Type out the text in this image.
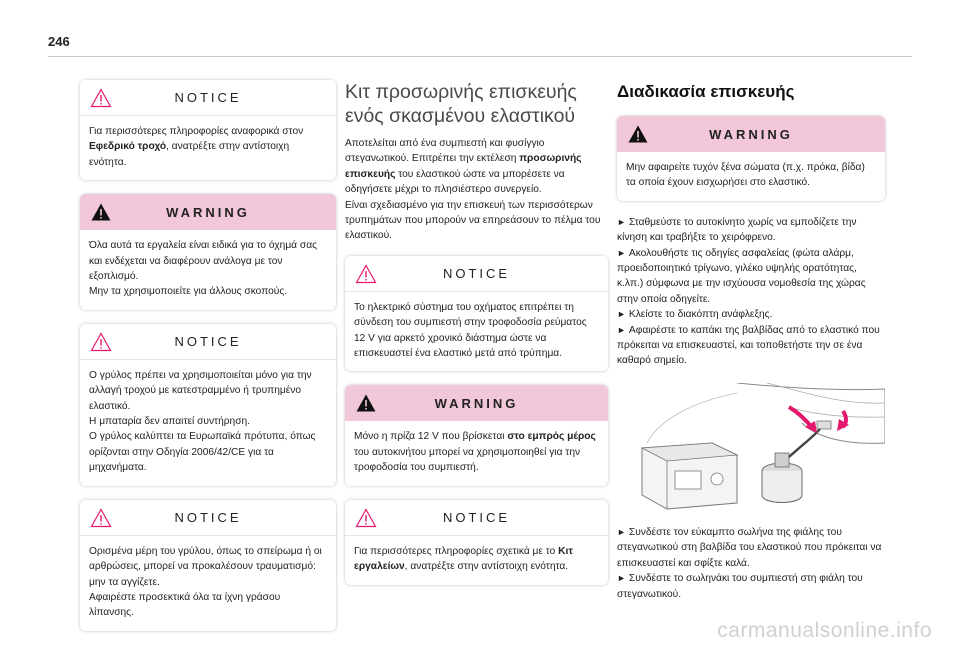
246
NOTICE

Για περισσότερες πληροφορίες αναφορικά στον Εφεδρικό τροχό, ανατρέξτε στην αντίστοιχη ενότητα.

WARNING

Όλα αυτά τα εργαλεία είναι ειδικά για το όχημά σας και ενδέχεται να διαφέρουν ανάλογα με τον εξοπλισμό.

Μην τα χρησιμοποιείτε για άλλους σκοπούς.

NOTICE

Ο γρύλος πρέπει να χρησιμοποιείται μόνο για την αλλαγή τροχού με κατεστραμμένο ή τρυπημένο ελαστικό.

Η μπαταρία δεν απαιτεί συντήρηση.

Ο γρύλος καλύπτει τα Ευρωπαϊκά πρότυπα, όπως ορίζονται στην Οδηγία 2006/42/CE για τα μηχανήματα.

NOTICE

Ορισμένα μέρη του γρύλου, όπως το σπείρωμα ή οι αρθρώσεις, μπορεί να προκαλέσουν τραυματισμό: μην τα αγγίζετε.

Αφαιρέστε προσεκτικά όλα τα ίχνη γράσου λίπανσης.

Κιτ προσωρινής επισκευής ενός σκασμένου ελαστικού
Αποτελείται από ένα συμπιεστή και φυσίγγιο στεγανωτικού. Επιτρέπει την εκτέλεση προσωρινής επισκευής του ελαστικού ώστε να μπορέσετε να οδηγήσετε μέχρι το πλησιέστερο συνεργείο.
Είναι σχεδιασμένο για την επισκευή των περισσότερων τρυπημάτων που μπορούν να επηρεάσουν το πέλμα του ελαστικού.
NOTICE

Το ηλεκτρικό σύστημα του οχήματος επιτρέπει τη σύνδεση του συμπιεστή στην τροφοδοσία ρεύματος 12 V για αρκετό χρονικό διάστημα ώστε να επισκευαστεί ένα ελαστικό μετά από τρύπημα.

WARNING

Μόνο η πρίζα 12 V που βρίσκεται στο εμπρός μέρος του αυτοκινήτου μπορεί να χρησιμοποιηθεί για την τροφοδοσία του συμπιεστή.

NOTICE

Για περισσότερες πληροφορίες σχετικά με το Κιτ εργαλείων, ανατρέξτε στην αντίστοιχη ενότητα.

Διαδικασία επισκευής
WARNING

Μην αφαιρείτε τυχόν ξένα σώματα (π.χ. πρόκα, βίδα) τα οποία έχουν εισχωρήσει στο ελαστικό.

► Σταθμεύστε το αυτοκίνητο χωρίς να εμποδίζετε την κίνηση και τραβήξτε το χειρόφρενο.
► Ακολουθήστε τις οδηγίες ασφαλείας (φώτα αλάρμ, προειδοποιητικό τρίγωνο, γιλέκο υψηλής ορατότητας, κ.λπ.) σύμφωνα με την ισχύουσα νομοθεσία της χώρας στην οποία οδηγείτε.
► Κλείστε το διακόπτη ανάφλεξης.
► Αφαιρέστε το καπάκι της βαλβίδας από το ελαστικό που πρόκειται να επισκευαστεί, και τοποθετήστε την σε ένα καθαρό σημείο.
► Συνδέστε τον εύκαμπτο σωλήνα της φιάλης του στεγανωτικού στη βαλβίδα του ελαστικού που πρόκειται να επισκευαστεί και σφίξτε καλά.
► Συνδέστε το σωληνάκι του συμπιεστή στη φιάλη του στεγανωτικού.
carmanualsonline.info
